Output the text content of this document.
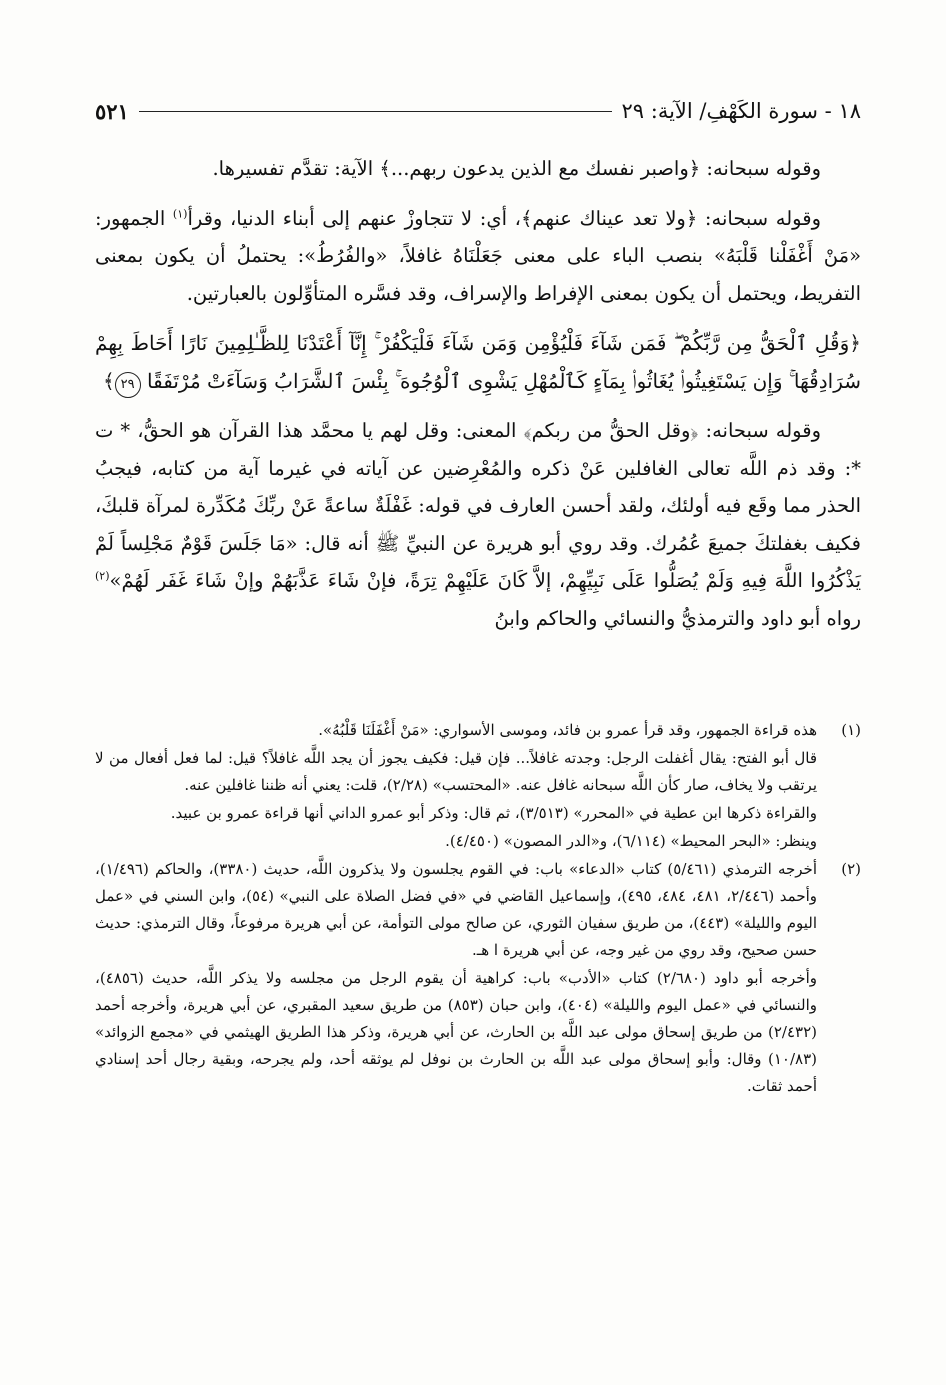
١٨ - سورة الكَهْفِ/ الآية: ٢٩
٥٢١

وقوله سبحانه: ﴿واصبر نفسك مع الذين يدعون ربهم...﴾ الآية: تقدَّم تفسيرها.

وقوله سبحانه: ﴿ولا تعد عيناك عنهم﴾، أي: لا تتجاوزْ عنهم إلى أبناء الدنيا، وقرأ$^{(١)}$ الجمهور: «مَنْ أَغْفَلْنا قَلْبَهُ» بنصب الباء على معنى جَعَلْنَاهُ غافلاً، «والفُرُطُ»: يحتملُ أن يكون بمعنى التفريط، ويحتمل أن يكون بمعنى الإفراط والإسراف، وقد فسَّره المتأوِّلون بالعبارتين.

﴿وَقُلِ ٱلْحَقُّ مِن رَّبِّكُمْ ۖ فَمَن شَآءَ فَلْيُؤْمِن وَمَن شَآءَ فَلْيَكْفُرْ ۚ إِنَّآ أَعْتَدْنَا لِلظَّـٰلِمِينَ نَارًا أَحَاطَ بِهِمْ سُرَادِقُهَا ۚ وَإِن يَسْتَغِيثُوا۟ يُغَاثُوا۟ بِمَآءٍ كَٱلْمُهْلِ يَشْوِى ٱلْوُجُوهَ ۚ بِئْسَ ٱلشَّرَابُ وَسَآءَتْ مُرْتَفَقًا ٢٩﴾

وقوله سبحانه: ﴿وقل الحقُّ من ربكم﴾ المعنى: وقل لهم يا محمَّد هذا القرآن هو الحقُّ، * ت *: وقد ذم اللَّه تعالى الغافلين عَنْ ذكره والمُعْرِضين عن آياته في غيرما آية من كتابه، فيجبُ الحذر مما وقَع فيه أولئك، ولقد أحسن العارف في قوله: غَفْلَةٌ ساعةً عَنْ ربِّكَ مُكَدِّرة لمرآة قلبكَ، فكيف بغفلتكَ جميعَ عُمُرك. وقد روي أبو هريرة عن النبيِّ ﷺ أنه قال: «مَا جَلَسَ قَوْمٌ مَجْلِساً لَمْ يَذْكُرُوا اللَّهَ فِيهِ وَلَمْ يُصَلُّوا عَلَى نَبِيِّهِمْ، إلاَّ كَانَ عَلَيْهِمْ تِرَةً، فإنْ شَاءَ عَذَّبَهُمْ وإنْ شَاءَ غَفَر لَهُمْ»$^{(٢)}$ رواه أبو داود والترمذيُّ والنسائي والحاكم وابنُ

(١)

هذه قراءة الجمهور، وقد قرأ عمرو بن فائد، وموسى الأسواري: «مَنْ أَغْفَلَنَا قَلْبُهُ».

قال أبو الفتح: يقال أغفلت الرجل: وجدته غافلاً... فإن قيل: فكيف يجوز أن يجد اللَّه غافلاً؟ قيل: لما فعل أفعال من لا يرتقب ولا يخاف، صار كأن اللَّه سبحانه غافل عنه. «المحتسب» (٢/٢٨)، قلت: يعني أنه ظننا غافلين عنه.

والقراءة ذكرها ابن عطية في «المحرر» (٣/٥١٣)، ثم قال: وذكر أبو عمرو الداني أنها قراءة عمرو بن عبيد.

وينظر: «البحر المحيط» (٦/١١٤)، و«الدر المصون» (٤/٤٥٠).

(٢)

أخرجه الترمذي (٥/٤٦١) كتاب «الدعاء» باب: في القوم يجلسون ولا يذكرون اللَّه، حديث (٣٣٨٠)، والحاكم (١/٤٩٦)، وأحمد (٢/٤٤٦، ٤٨١، ٤٨٤، ٤٩٥)، وإسماعيل القاضي في «في فضل الصلاة على النبي» (٥٤)، وابن السني في «عمل اليوم والليلة» (٤٤٣)، من طريق سفيان الثوري، عن صالح مولى التوأمة، عن أبي هريرة مرفوعاً، وقال الترمذي: حديث حسن صحيح، وقد روي من غير وجه، عن أبي هريرة ا هـ.

وأخرجه أبو داود (٢/٦٨٠) كتاب «الأدب» باب: كراهية أن يقوم الرجل من مجلسه ولا يذكر اللَّه، حديث (٤٨٥٦)، والنسائي في «عمل اليوم والليلة» (٤٠٤)، وابن حبان (٨٥٣) من طريق سعيد المقبري، عن أبي هريرة، وأخرجه أحمد (٢/٤٣٢) من طريق إسحاق مولى عبد اللَّه بن الحارث، عن أبي هريرة، وذكر هذا الطريق الهيثمي في «مجمع الزوائد» (١٠/٨٣) وقال: وأبو إسحاق مولى عبد اللَّه بن الحارث بن نوفل لم يوثقه أحد، ولم يجرحه، وبقية رجال أحد إسنادي أحمد ثقات.
